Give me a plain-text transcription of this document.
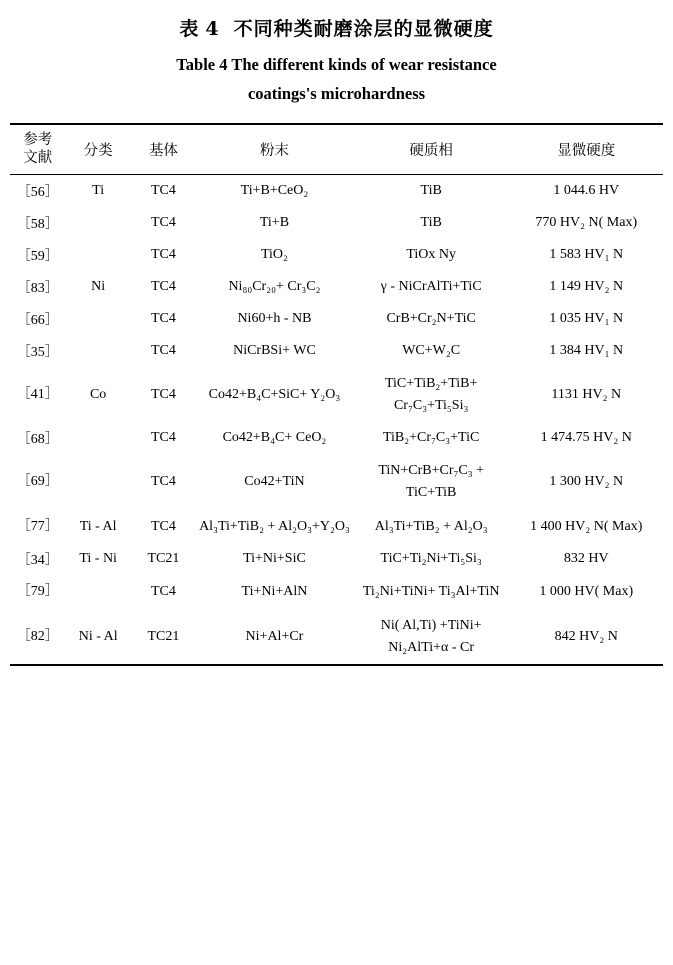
表 4 不同种类耐磨涂层的显微硬度
Table 4 The different kinds of wear resistance
coatings's microhardness
参考
文献	分类	基体	粉末	硬质相	显微硬度
［56］	Ti	TC4	Ti+B+CeO₂	TiB	1 044.6 HV
［58］		TC4	Ti+B	TiB	770 HV₂ N( Max)
［59］		TC4	TiO₂	TiOx Ny	1 583 HV₁ N
［83］	Ni	TC4	Ni₈₀Cr₂₀+ Cr₃C₂	γ - NiCrAlTi+TiC	1 149 HV₂ N
［66］		TC4	Ni60+h - NB	CrB+Cr₂N+TiC	1 035 HV₁ N
［35］		TC4	NiCrBSi+ WC	WC+W₂C	1 384 HV₁ N
［41］	Co	TC4	Co42+B₄C+SiC+ Y₂O₃	TiC+TiB₂+TiB+ Cr₇C₃+Ti₅Si₃	1131 HV₂ N
［68］		TC4	Co42+B₄C+ CeO₂	TiB₂+Cr₇C₃+TiC	1 474.75 HV₂ N
［69］		TC4	Co42+TiN	TiN+CrB+Cr₇C₃ + TiC+TiB	1 300 HV₂ N
［77］	Ti - Al	TC4	Al₃Ti+TiB₂ + Al₂O₃+Y₂O₃	Al₃Ti+TiB₂ + Al₂O₃	1 400 HV₂ N( Max)
［34］	Ti - Ni	TC21	Ti+Ni+SiC	TiC+Ti₂Ni+Ti₅Si₃	832 HV
［79］		TC4	Ti+Ni+AlN	Ti₂Ni+TiNi+ Ti₃Al+TiN	1 000 HV( Max)
［82］	Ni - Al	TC21	Ni+Al+Cr	Ni( Al,Ti) +TiNi+ Ni₂AlTi+α - Cr	842 HV₂ N
